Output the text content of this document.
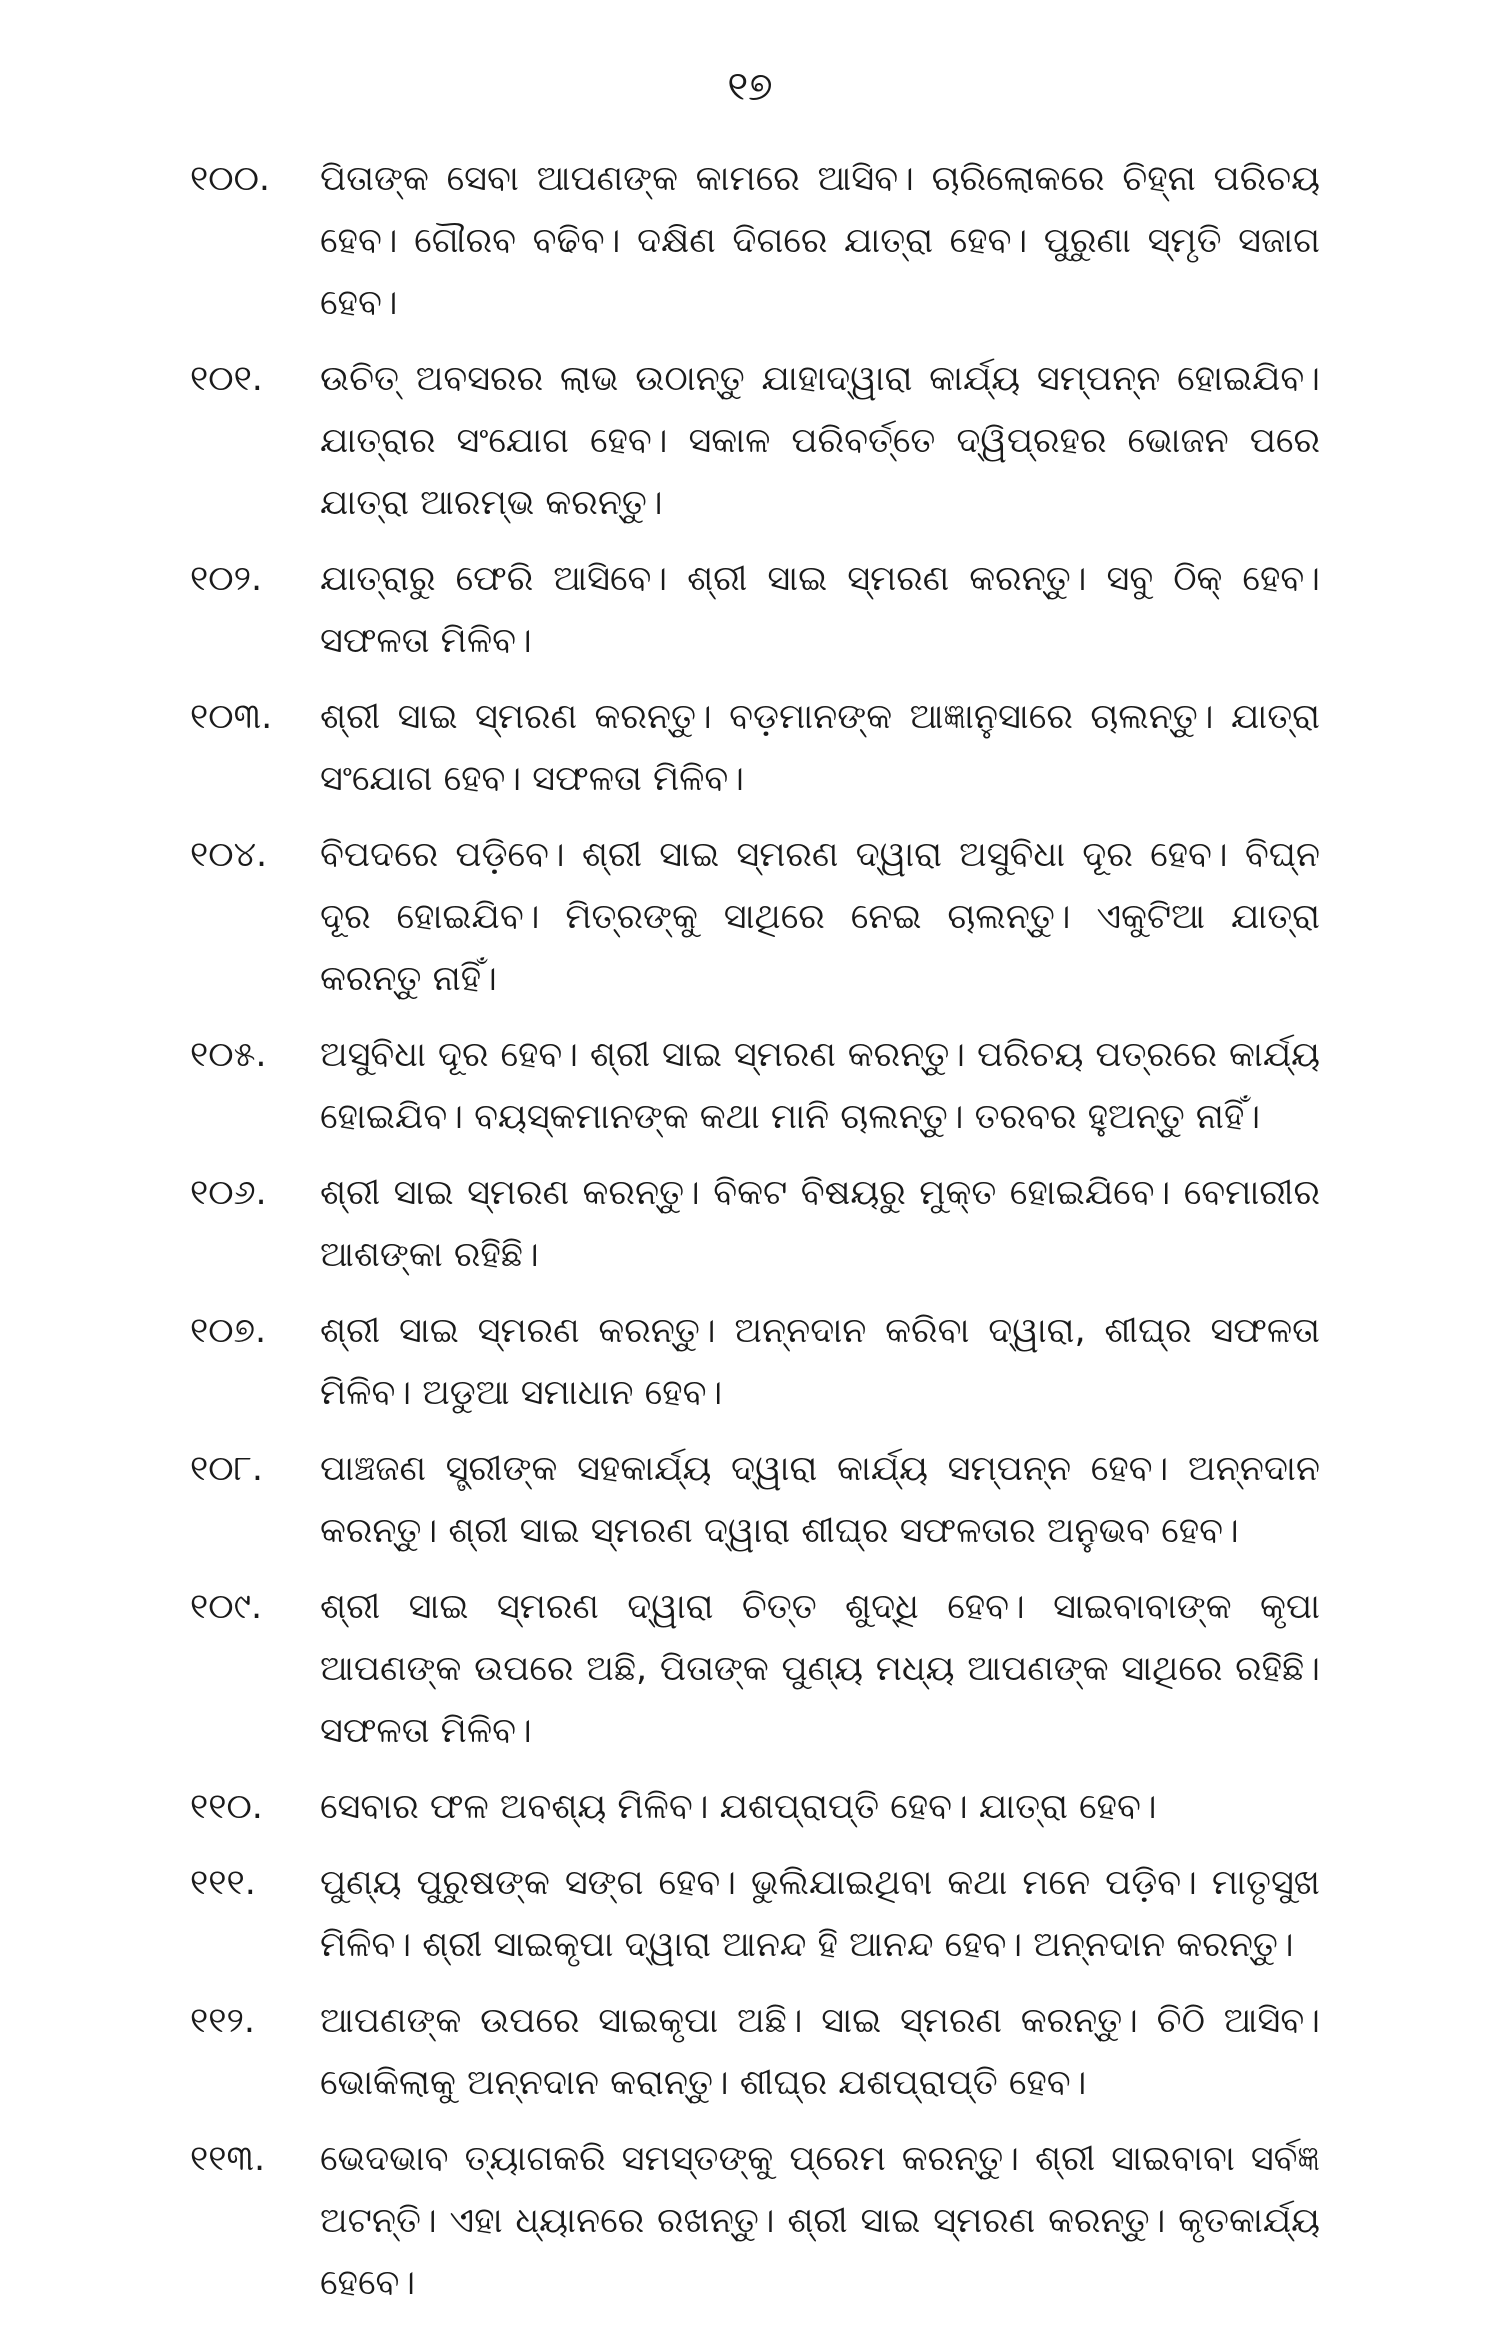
୧୭
୧୦୦.	ପିତାଙ୍କ ସେବା ଆପଣଙ୍କ କାମରେ ଆସିବ। ଚାରିଲୋକରେ ଚିହ୍ନା ପରିଚୟ ହେବ। ଗୌରବ ବଢିବ। ଦକ୍ଷିଣ ଦିଗରେ ଯାତ୍ରା ହେବ। ପୁରୁଣା ସ୍ମୃତି ସଜାଗ ହେବ।
୧୦୧.	ଉଚିତ୍ ଅବସରର ଲାଭ ଉଠାନ୍ତୁ ଯାହାଦ୍ୱାରା କାର୍ଯ୍ୟ ସମ୍ପନ୍ନ ହୋଇଯିବ। ଯାତ୍ରାର ସଂଯୋଗ ହେବ। ସକାଳ ପରିବର୍ତ୍ତେ ଦ୍ୱିପ୍ରହର ଭୋଜନ ପରେ ଯାତ୍ରା ଆରମ୍ଭ କରନ୍ତୁ।
୧୦୨.	ଯାତ୍ରାରୁ ଫେରି ଆସିବେ। ଶ୍ରୀ ସାଇ ସ୍ମରଣ କରନ୍ତୁ। ସବୁ ଠିକ୍ ହେବ। ସଫଳତା ମିଳିବ।
୧୦୩.	ଶ୍ରୀ ସାଇ ସ୍ମରଣ କରନ୍ତୁ। ବଡ଼ମାନଙ୍କ ଆଜ୍ଞାନୁସାରେ ଚାଲନ୍ତୁ। ଯାତ୍ରା ସଂଯୋଗ ହେବ। ସଫଳତା ମିଳିବ।
୧୦୪.	ବିପଦରେ ପଡ଼ିବେ। ଶ୍ରୀ ସାଇ ସ୍ମରଣ ଦ୍ୱାରା ଅସୁବିଧା ଦୂର ହେବ। ବିଘ୍ନ ଦୂର ହୋଇଯିବ। ମିତ୍ରଙ୍କୁ ସାଥିରେ ନେଇ ଚାଲନ୍ତୁ। ଏକୁଟିଆ ଯାତ୍ରା କରନ୍ତୁ ନାହିଁ।
୧୦୫.	ଅସୁବିଧା ଦୂର ହେବ। ଶ୍ରୀ ସାଇ ସ୍ମରଣ କରନ୍ତୁ। ପରିଚୟ ପତ୍ରରେ କାର୍ଯ୍ୟ ହୋଇଯିବ। ବୟସ୍କମାନଙ୍କ କଥା ମାନି ଚାଲନ୍ତୁ। ତରବର ହୁଅନ୍ତୁ ନାହିଁ।
୧୦୬.	ଶ୍ରୀ ସାଇ ସ୍ମରଣ କରନ୍ତୁ। ବିକଟ ବିଷୟରୁ ମୁକ୍ତ ହୋଇଯିବେ। ବେମାରୀର ଆଶଙ୍କା ରହିଛି।
୧୦୭.	ଶ୍ରୀ ସାଇ ସ୍ମରଣ କରନ୍ତୁ। ଅନ୍ନଦାନ କରିବା ଦ୍ୱାରା, ଶୀଘ୍ର ସଫଳତା ମିଳିବ। ଅଡୁଆ ସମାଧାନ ହେବ।
୧୦୮.	ପାଞ୍ଚଜଣ ସ୍ତ୍ରୀଙ୍କ ସହକାର୍ଯ୍ୟ ଦ୍ୱାରା କାର୍ଯ୍ୟ ସମ୍ପନ୍ନ ହେବ। ଅନ୍ନଦାନ କରନ୍ତୁ। ଶ୍ରୀ ସାଇ ସ୍ମରଣ ଦ୍ୱାରା ଶୀଘ୍ର ସଫଳତାର ଅନୁଭବ ହେବ।
୧୦୯.	ଶ୍ରୀ ସାଇ ସ୍ମରଣ ଦ୍ୱାରା ଚିତ୍ତ ଶୁଦ୍ଧି ହେବ। ସାଇବାବାଙ୍କ କୃପା ଆପଣଙ୍କ ଉପରେ ଅଛି, ପିତାଙ୍କ ପୁଣ୍ୟ ମଧ୍ୟ ଆପଣଙ୍କ ସାଥିରେ ରହିଛି। ସଫଳତା ମିଳିବ।
୧୧୦.	ସେବାର ଫଳ ଅବଶ୍ୟ ମିଳିବ। ଯଶପ୍ରାପ୍ତି ହେବ। ଯାତ୍ରା ହେବ।
୧୧୧.	ପୁଣ୍ୟ ପୁରୁଷଙ୍କ ସଙ୍ଗ ହେବ। ଭୁଲିଯାଇଥିବା କଥା ମନେ ପଡ଼ିବ। ମାତୃସୁଖ ମିଳିବ। ଶ୍ରୀ ସାଇକୃପା ଦ୍ୱାରା ଆନନ୍ଦ ହି ଆନନ୍ଦ ହେବ। ଅନ୍ନଦାନ କରନ୍ତୁ।
୧୧୨.	ଆପଣଙ୍କ ଉପରେ ସାଇକୃପା ଅଛି। ସାଇ ସ୍ମରଣ କରନ୍ତୁ। ଚିଠି ଆସିବ। ଭୋକିଲାକୁ ଅନ୍ନଦାନ କରାନ୍ତୁ। ଶୀଘ୍ର ଯଶପ୍ରାପ୍ତି ହେବ।
୧୧୩.	ଭେଦଭାବ ତ୍ୟାଗକରି ସମସ୍ତଙ୍କୁ ପ୍ରେମ କରନ୍ତୁ। ଶ୍ରୀ ସାଇବାବା ସର୍ବଜ୍ଞ ଅଟନ୍ତି। ଏହା ଧ୍ୟାନରେ ରଖନ୍ତୁ। ଶ୍ରୀ ସାଇ ସ୍ମରଣ କରନ୍ତୁ। କୃତକାର୍ଯ୍ୟ ହେବେ।
